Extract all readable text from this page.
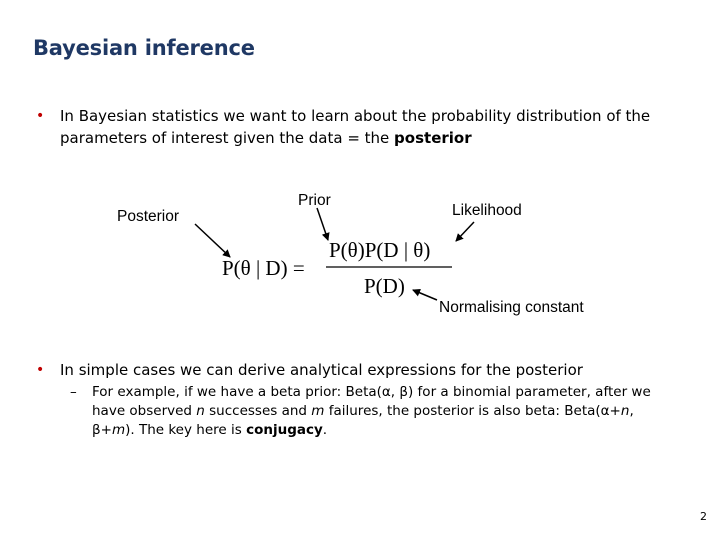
Bayesian inference
• In Bayesian statistics we want to learn about the probability distribution of the parameters of interest given the data = the posterior
Posterior
Prior
Likelihood
Normalising constant
P(θ | D) =
P(θ)P(D | θ)
P(D)
• In simple cases we can derive analytical expressions for the posterior
– For example, if we have a beta prior: Beta(α, β) for a binomial parameter, after we have observed n successes and m failures, the posterior is also beta: Beta(α+n, β+m). The key here is conjugacy.
2
